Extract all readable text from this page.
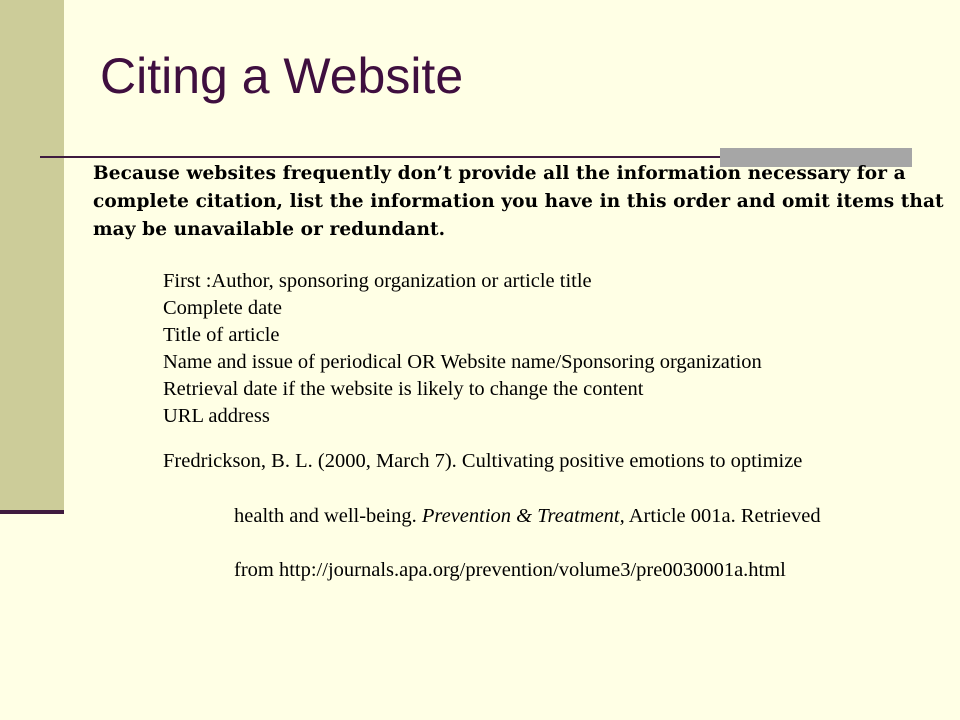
Citing a Website
Because websites frequently don’t provide all the information necessary for a
complete citation, list the information you have in this order and omit items that
may be unavailable or redundant.
First :Author, sponsoring organization or article title
Complete date
Title of article
Name and issue of periodical OR Website name/Sponsoring organization
Retrieval date if the website is likely to change the content
URL address
Fredrickson, B. L. (2000, March 7). Cultivating positive emotions to optimize
health and well-being. Prevention & Treatment, Article 001a. Retrieved
from http://journals.apa.org/prevention/volume3/pre0030001a.html
